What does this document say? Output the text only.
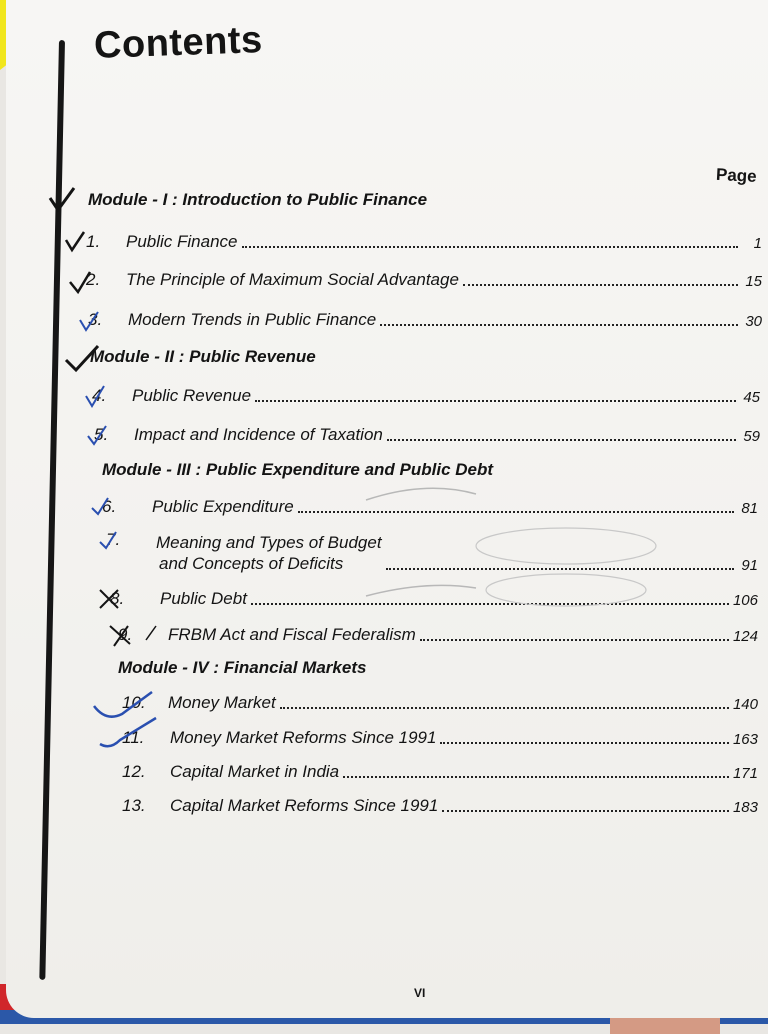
Contents
Page
Module - I : Introduction to Public Finance
1.	Public Finance	1
2.	The Principle of Maximum Social Advantage	15
3.	Modern Trends in Public Finance	30
Module - II : Public Revenue
4.	Public Revenue	45
5.	Impact and Incidence of Taxation	59
Module - III : Public Expenditure and Public Debt
6.	Public Expenditure	81
7.	Meaning and Types of Budget
and Concepts of Deficits	91
8.	Public Debt	106
9.	FRBM Act and Fiscal Federalism	124
Module - IV : Financial Markets
10.	Money Market	140
11.	Money Market Reforms Since 1991	163
12.	Capital Market in India	171
13.	Capital Market Reforms Since 1991	183
VI
